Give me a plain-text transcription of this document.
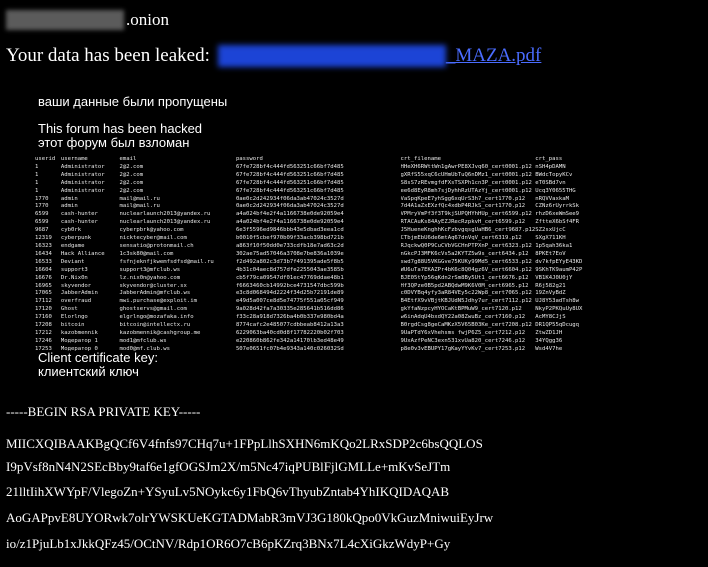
.onion
Your data has been leaked:	_MAZA.pdf
ваши данные были пропущены
This forum has been hacked
этот форум был взломан
userid	username	email	password	crt_filename	crt_pass
1	Administrator	2@2.com	67fe728bf4c444fd563251c66bf7d485	HHeXH6RWttWn1gAwrPE8XJvq60_cert0001.p12	nSH4pDAMN
1	Administrator	2@2.com	67fe728bf4c444fd563251c66bf7d485	gXRfS55xqC6cUHmUbTuQ6nDMz1_cert0001.p12	BWdcTopyKCv
1	Administrator	2@2.com	67fe728bf4c444fd563251c66bf7d485	S8sS7zREvmgfdFXsTSXPh1cn3P_cert0001.p12	eT0SBd7vn
1	Administrator	2@2.com	67fe728bf4c444fd563251c66bf7d485	ee6d8EyR8mh7sjDyhhRzUTAzYj_cert0001.p12	Ucq3Y0655THG
1770	admin	mail@mail.ru	0ae0c2d242934f06da3ab47024c3527d	VaSpqKpeE7yhSgg6xqUrS3h7_cert1770.p12	nRQVVaxkaM
1770	admin	mail@mail.ru	0ae0c2d242934f06da3ab47024c3527d	7d4A1aZxEXzfQc4xdbP4RJkS_cert1770.p12	CZNz6rUyrrkSk
6599	cash-hunter	nuclearlaunch2013@yandex.ru	a4a024bf4e2f4a1166738e0de92059e4	VPMryVmPf3f3T9kjSUPQHYhHUp_cert6599.p12	rhzD6xeWmSee9
6599	cash-hunter	nuclearlaunch2013@yandex.ru	a4a024bf4e2f4a1166738e0de92059e4	RTACAuKs84AyEZJRecRzpkvH_cert6599.p12	ZftteX6bSf4FR
9687	cyb0rk	cyberpbrk@yahoo.com	6e3f5596ed9846bbb43e5dbad3eea1cd	J5HueneKnghhKcFzbvgqsgUaHB6_cert9687.p12	SZ2sxUjcC
12319	cyberpunk	nicktecyber@mail.com	b0010f5cbef970b09f33acb398bd721b	CTbjmEbU6de6mtAq67dnVqV_cert6319.p12	SXgX711KH
16323	endgame	sensatio@protonmail.ch	a863f10f50dd0e733cdfb18e7ad63c2d	RJqckwQ0P9CuCVbVGCHnPTPXnP_cert6323.p12	1p5qah36ka1
16434	Hack Alliance	1c3sk80@mail.com	302ae75ad57046a3708e7be836a1039e	nGkcPJ3MFK6cVs5a2KYTZ5w9s_cert6434.p12	8PKEt7EoV
16533	Deviant	fsfnjeknfjkwemfsdfsd@mail.ru	f2d492a802c3d73b7f491395ade5f8b5	swd7g88U5VKGGve75KUKy99Md5_cert6533.p12	dv7kfpEYyE43KD
16604	support3	support3@mfclub.ws	4b31c04aec8d757dfe2255043ae3585b	WU6uTa7EKAZPr4bK6c8Q04gz6V_cert6604.p12	9SKhTK9aumP42P
16676	Dr.Nix0n	lz.nix0n@yahoo.com	cb5f79ca09547df01ec47769ddae48b1	BJE05tYp56qKdn2rSm8By5Ut1_cert6676.p12	VB1K4J0U0jY
16965	skyvendor	skyvendor@cluster.sx	f6663460cb14992bce4731547dbc599b	Hf3QPze0B5pd2ABQdwM9K6V0M_cert6965.p12	R6j582g21
17065	JabberAdmin	JabberAdmin@mfclub.ws	e3c8d068494d2224f34d25b72191de89	c0DVYBq4yfy3aR84VEy5c22Wp8_cert7065.p12	19ZnVyBdZ
17112	overfraud	mwi.purchase@exploit.im	e49d5a007ce8d5e74775f551a05cf949	B4EtfX9vVBjtKBJUdN5Jdhy7ur_cert7112.p12	UJ8Y53adTsh8w
17120	Ghost	ghostservs@gmail.com	9a028d42fa7a30335e285641b516dd86	gkYfaNzpcyHYOCaKtBPMuW9_cert7120.p12	NkyP2PKQuUy8UX
17160	Elorlngo	elgrlngo@mozafaka.info	f33c28a918d7326ba4b0b337e980bd4a	w6inAdqU4bxdQY22a08ZwuBz_cert7160.p12	AcMY8CJjS
17208	bitcoin	bitcoin@intellectx.ru	8774cafc2e485077cdbbeab8412a13a3	B0rgdCsg8geCaMKzX5V65B03Ke_cert7208.p12	DR1QP55qDcugq
17212	kazobmennik	kazobmennik@cashgroup.me	6229063ba40cd0d8f17782220b02f703	9UaPTdY6xVhehsms fwjP6Z5_cert7212.p12	ZtwZD1JH
17246	Модератор 1	mod1@mfclub.ws	e220860b862fe342a14170lb3ed48e49	9UxAzfPeNC3exn531xvUa820_cert7246.p12	34YQgg36
17253	Модератор 0	mod0@mf.club.ws	507e0651fc07b4e9343a140c026032Sd	p8e0v3vEBUPY17gKayYYvKv7_cert7253.p12	Wsd4V7he
Client certificate key:
клиентский ключ
-----BEGIN RSA PRIVATE KEY-----
MIICXQIBAAKBgQCf6V4fnfs97CHq7u+1FPpLlhSXHN6mKQo2LRxSDP2c6bsQQLOS
I9pVsf8nN4N2SEcBby9taf6e1gfOGSJm2X/m5Nc47iqPUBlFjlGMLLe+mKvSeJTm
21lltIihXWYpF/VlegoZn+YSyuLv5NOykc6y1FbQ6vThyubZntab4YhIKQIDAQAB
AoGAPpvE8UYORwk7olrYWSKUeKGTADMabR3mVJ3G180kQpo0VkGuzMniwuiEyJrw
io/z1PjuLb1xJkkQFz45/OCtNV/Rdp1OR6O7cB6pKZrq3BNx7L4cXiGkzWdyP+Gy
